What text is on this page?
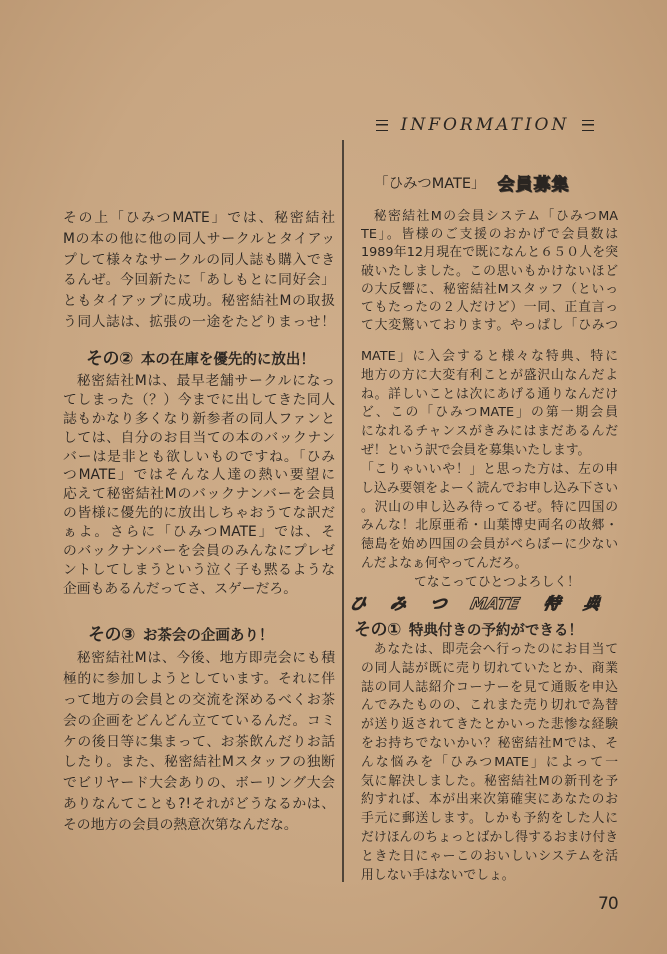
その上「ひみつMATE」では、秘密結社
Mの本の他に他の同人サークルとタイアッ
プして様々なサークルの同人誌も購入でき
るんぜ。今回新たに「あしもとに同好会」
ともタイアップに成功。秘密結社Mの取扱
う同人誌は、拡張の一途をたどりまっせ！
その② 本の在庫を優先的に放出！
秘密結社Mは、最早老舗サークルになっ
てしまった（？）今までに出してきた同人
誌もかなり多くなり新参者の同人ファンと
しては、自分のお目当ての本のバックナン
バーは是非とも欲しいものですね。「ひみ
つMATE」ではそんな人達の熱い要望に
応えて秘密結社Mのバックナンバーを会員
の皆様に優先的に放出しちゃおうてな訳だ
ぁよ。さらに「ひみつMATE」では、そ
のバックナンバーを会員のみんなにプレゼ
ントしてしまうという泣く子も黙るような
企画もあるんだってさ、スゲーだろ。
その③ お茶会の企画あり！
秘密結社Mは、今後、地方即売会にも積
極的に参加しようとしています。それに伴
って地方の会員との交流を深めるべくお茶
会の企画をどんどん立てているんだ。コミ
ケの後日等に集まって、お茶飲んだりお話
したり。また、秘密結社Mスタッフの独断
でビリヤード大会ありの、ボーリング大会
ありなんてことも?!それがどうなるかは、
その地方の会員の熱意次第なんだな。
INFORMATION
「ひみつMATE」 会員募集
秘密結社Mの会員システム「ひみつMA
TE」。皆様のご支援のおかげで会員数は
1989年12月現在で既になんと６５０人を突
破いたしました。この思いもかけないほど
の大反響に、秘密結社Mスタッフ（といっ
てもたったの２人だけど）一同、正直言っ
て大変驚いております。やっぱし「ひみつ
MATE」に入会すると様々な特典、特に
地方の方に大変有利ことが盛沢山なんだよ
ね。詳しいことは次にあげる通りなんだけ
ど、この「ひみつMATE」の第一期会員
になれるチャンスがきみにはまだあるんだ
ぜ！という訳で会員を募集いたします。
「こりゃいいや！」と思った方は、左の申
し込み要領をよーく読んでお申し込み下さい
。沢山の申し込み待ってるぜ。特に四国の
みんな！北原亜希・山葉博史両名の故郷・
徳島を始め四国の会員がべらぼーに少ない
んだよなぁ何やってんだろ。
てなこってひとつよろしく！
ひみつMATE特典
その① 特典付きの予約ができる！
あなたは、即売会へ行ったのにお目当て
の同人誌が既に売り切れていたとか、商業
誌の同人誌紹介コーナーを見て通販を申込
んでみたものの、これまた売り切れで為替
が送り返されてきたとかいった悲惨な経験
をお持ちでないかい？秘密結社Mでは、そ
んな悩みを「ひみつMATE」によって一
気に解決しました。秘密結社Mの新刊を予
約すれば、本が出来次第確実にあなたのお
手元に郵送します。しかも予約をした人に
だけほんのちょっとばかし得するおまけ付き
ときた日にゃーこのおいしいシステムを活
用しない手はないでしょ。
70
